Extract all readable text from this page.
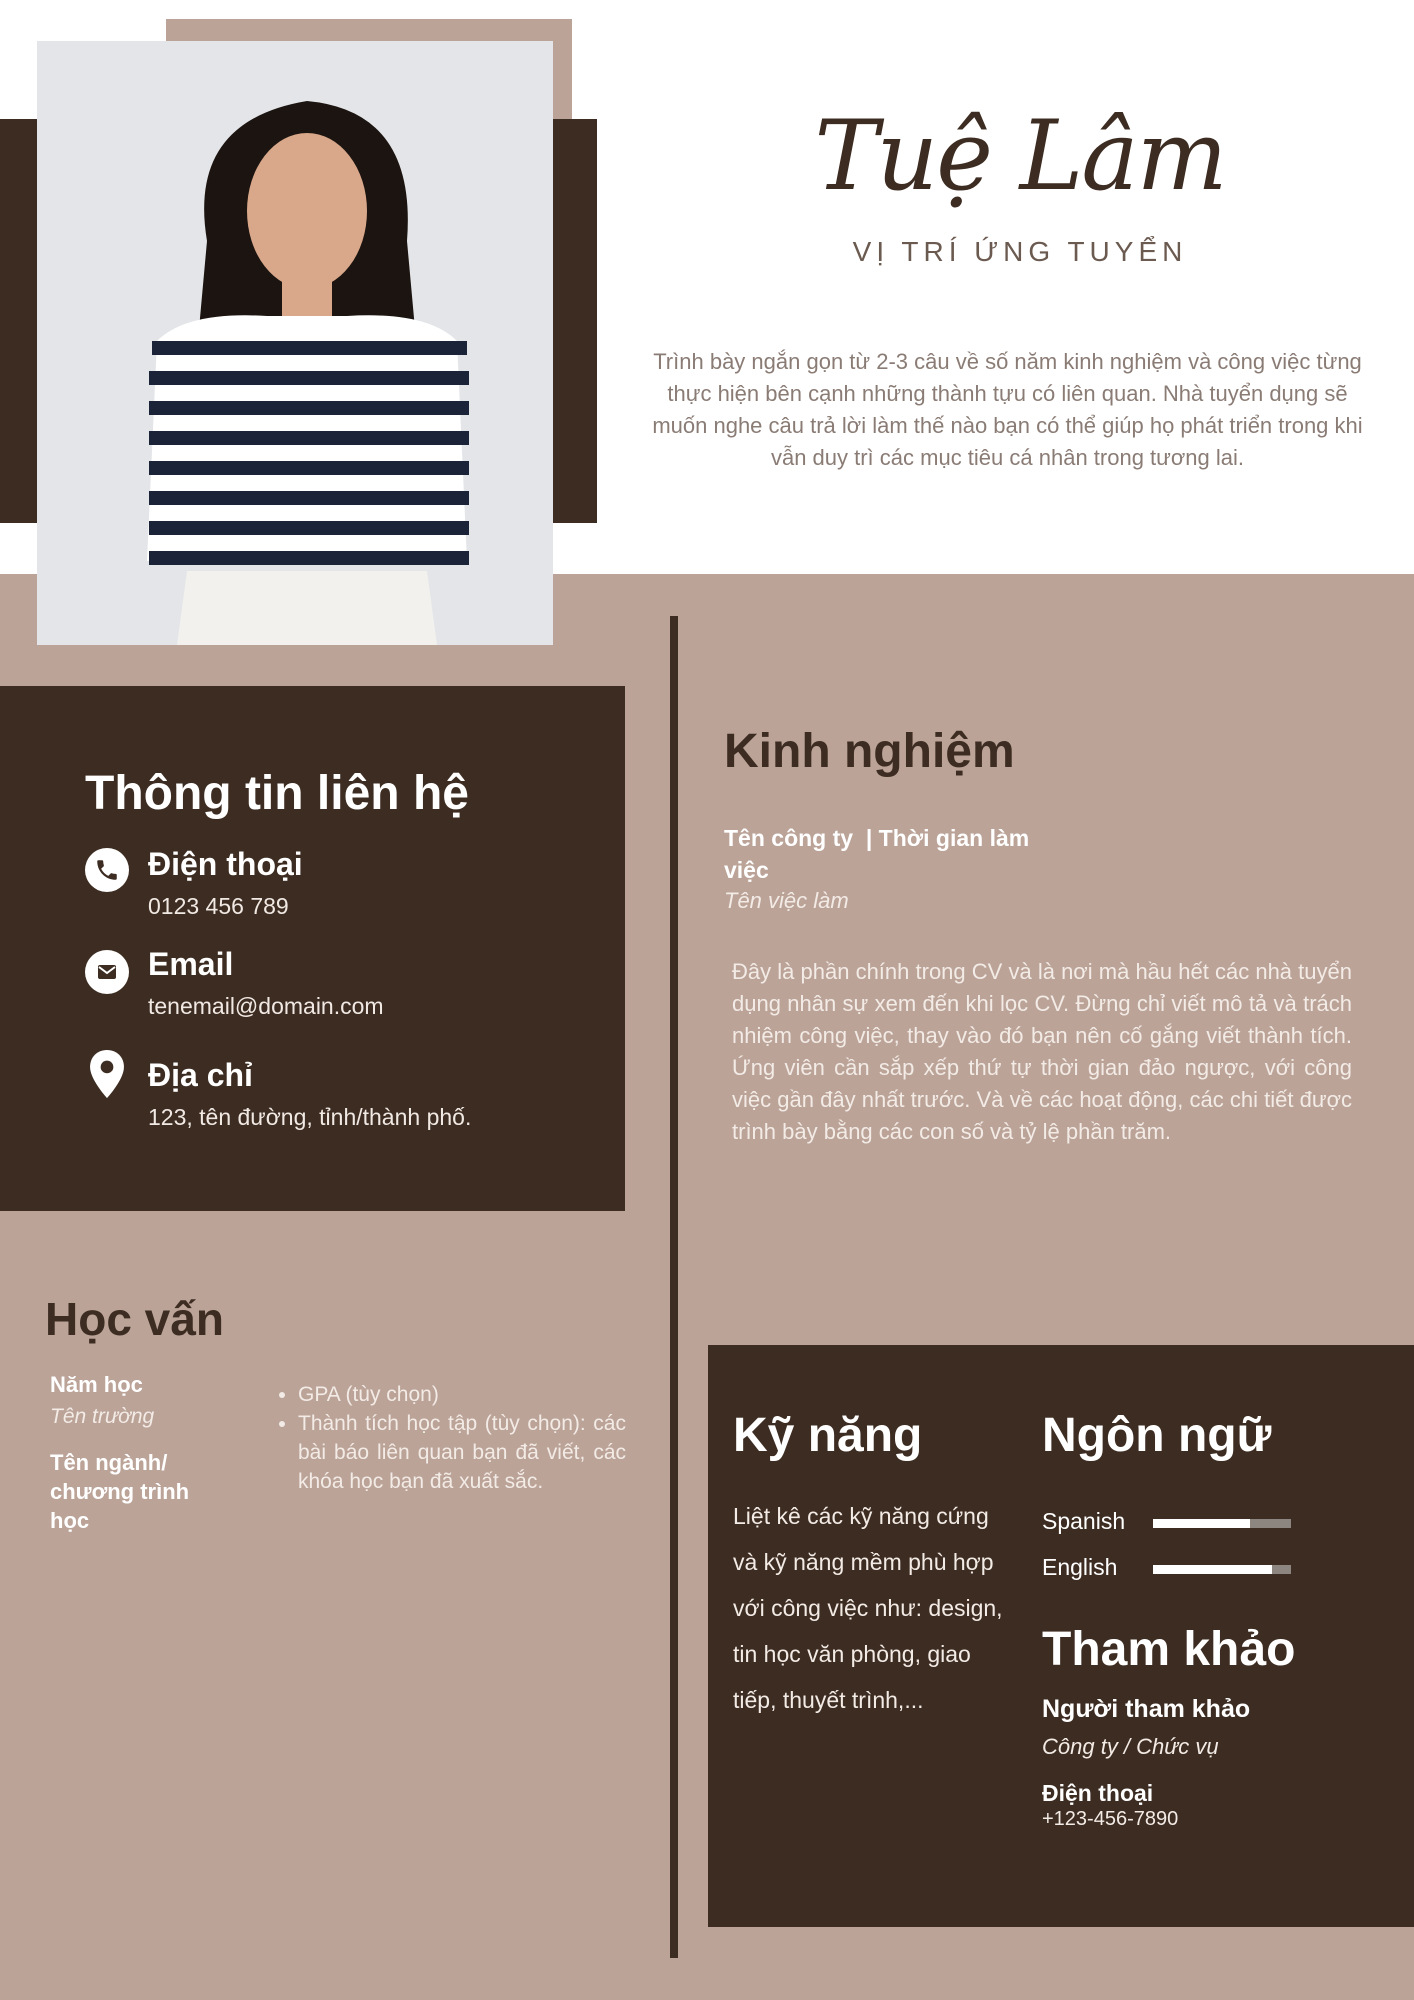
Tuệ Lâm
VỊ TRÍ ỨNG TUYỂN
Trình bày ngắn gọn từ 2-3 câu về số năm kinh nghiệm và công việc từng thực hiện bên cạnh những thành tựu có liên quan. Nhà tuyển dụng sẽ muốn nghe câu trả lời làm thế nào bạn có thể giúp họ phát triển trong khi vẫn duy trì các mục tiêu cá nhân trong tương lai.
Thông tin liên hệ
Điện thoại
0123 456 789
Email
tenemail@domain.com
Địa chỉ
123, tên đường, tỉnh/thành phố.
Học vấn
Năm học
Tên trường
Tên ngành/ chương trình học
• GPA (tùy chọn)
• Thành tích học tập (tùy chọn): các bài báo liên quan bạn đã viết, các khóa học bạn đã xuất sắc.
Kinh nghiệm
Tên công ty  | Thời gian làm việc
Tên việc làm
Đây là phần chính trong CV và là nơi mà hầu hết các nhà tuyển dụng nhân sự xem đến khi lọc CV. Đừng chỉ viết mô tả và trách nhiệm công việc, thay vào đó bạn nên cố gắng viết thành tích. Ứng viên cần sắp xếp thứ tự thời gian đảo ngược, với công việc gần đây nhất trước. Và về các hoạt động, các chi tiết được trình bày bằng các con số và tỷ lệ phần trăm.
Kỹ năng
Liệt kê các kỹ năng cứng và kỹ năng mềm phù hợp với công việc như: design, tin học văn phòng, giao tiếp, thuyết trình,...
Ngôn ngữ
Spanish
English
Tham khảo
Người tham khảo
Công ty / Chức vụ
Điện thoại
+123-456-7890
